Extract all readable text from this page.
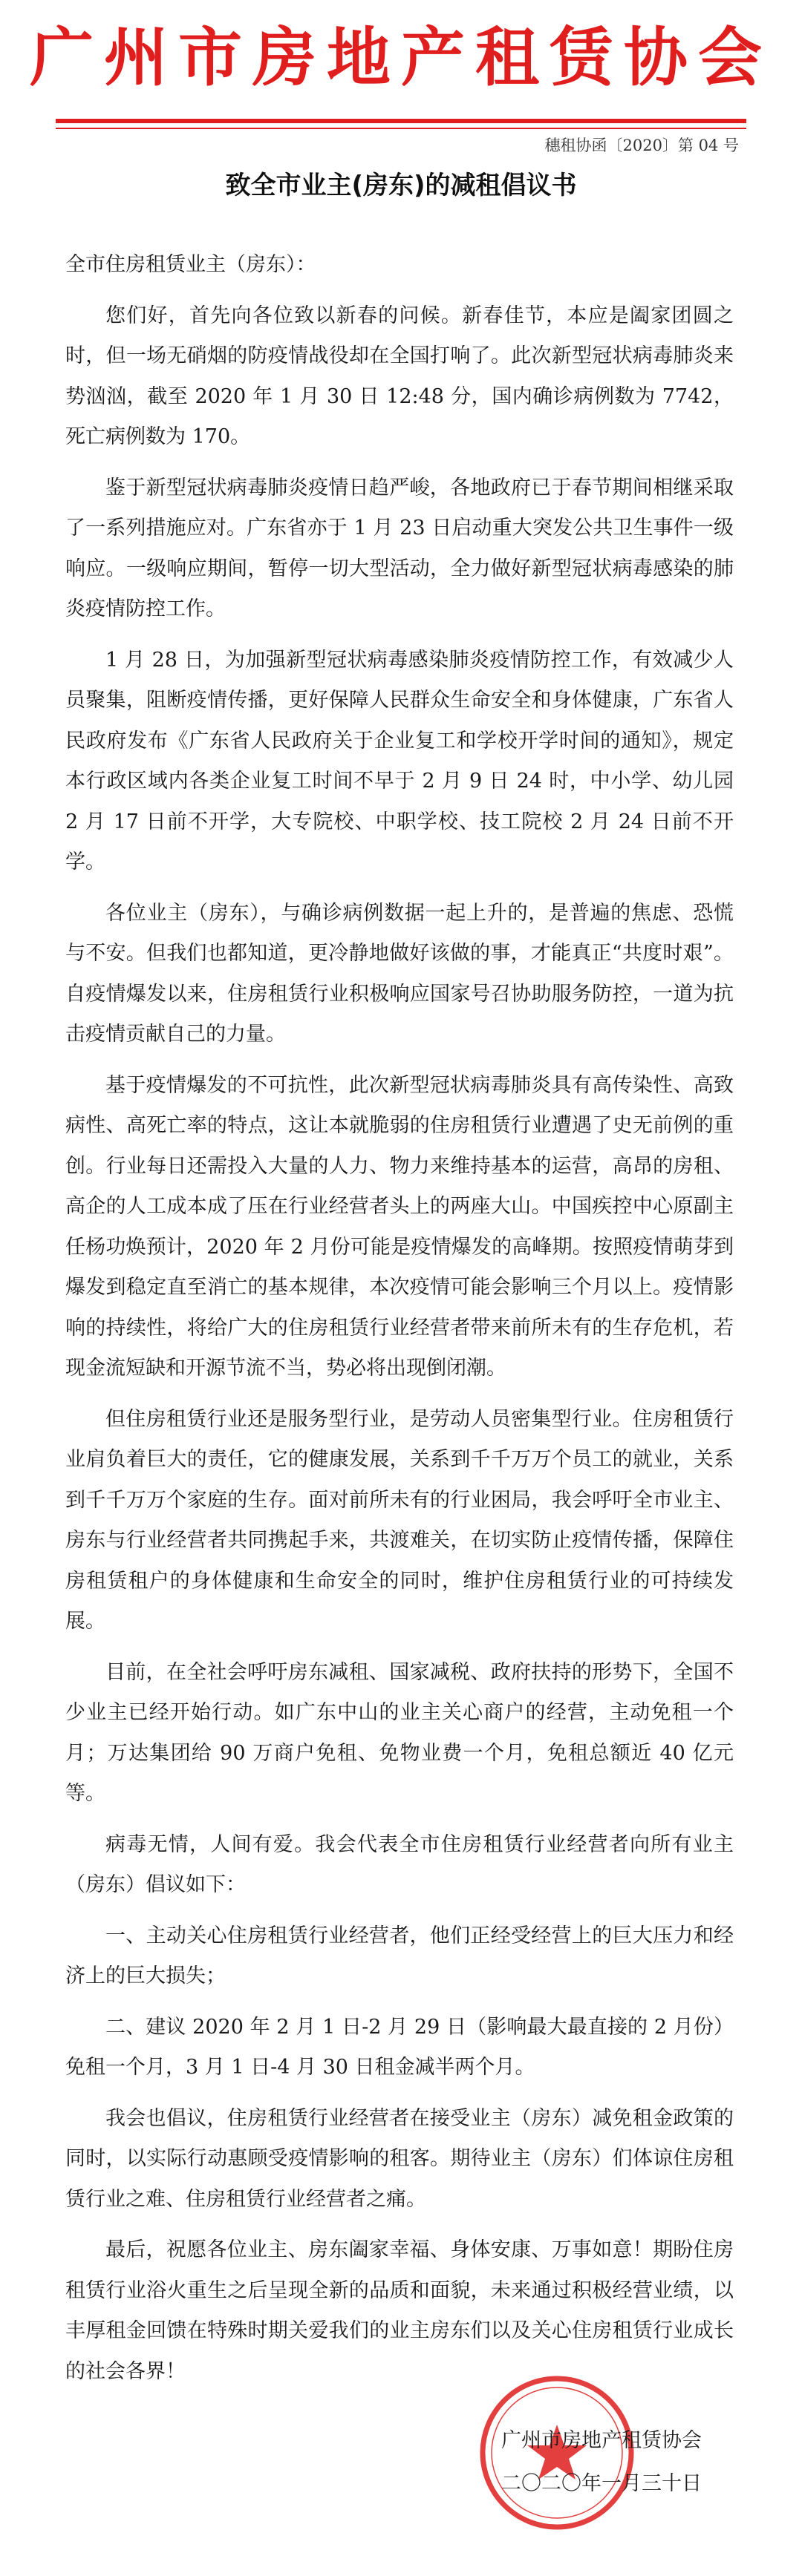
广州市房地产租赁协会
穗租协函〔2020〕第 04 号
致全市业主(房东)的减租倡议书

全市住房租赁业主（房东）：

您们好，首先向各位致以新春的问候。新春佳节，本应是阖家团圆之时，但一场无硝烟的防疫情战役却在全国打响了。此次新型冠状病毒肺炎来势汹汹，截至 2020 年 1 月 30 日 12:48 分，国内确诊病例数为 7742，死亡病例数为 170。

鉴于新型冠状病毒肺炎疫情日趋严峻，各地政府已于春节期间相继采取了一系列措施应对。广东省亦于 1 月 23 日启动重大突发公共卫生事件一级响应。一级响应期间，暂停一切大型活动，全力做好新型冠状病毒感染的肺炎疫情防控工作。

1 月 28 日，为加强新型冠状病毒感染肺炎疫情防控工作，有效减少人员聚集，阻断疫情传播，更好保障人民群众生命安全和身体健康，广东省人民政府发布《广东省人民政府关于企业复工和学校开学时间的通知》，规定本行政区域内各类企业复工时间不早于 2 月 9 日 24 时，中小学、幼儿园 2 月 17 日前不开学，大专院校、中职学校、技工院校 2 月 24 日前不开学。

各位业主（房东），与确诊病例数据一起上升的，是普遍的焦虑、恐慌与不安。但我们也都知道，更冷静地做好该做的事，才能真正“共度时艰”。自疫情爆发以来，住房租赁行业积极响应国家号召协助服务防控，一道为抗击疫情贡献自己的力量。

基于疫情爆发的不可抗性，此次新型冠状病毒肺炎具有高传染性、高致病性、高死亡率的特点，这让本就脆弱的住房租赁行业遭遇了史无前例的重创。行业每日还需投入大量的人力、物力来维持基本的运营，高昂的房租、高企的人工成本成了压在行业经营者头上的两座大山。中国疾控中心原副主任杨功焕预计，2020 年 2 月份可能是疫情爆发的高峰期。按照疫情萌芽到爆发到稳定直至消亡的基本规律，本次疫情可能会影响三个月以上。疫情影响的持续性，将给广大的住房租赁行业经营者带来前所未有的生存危机，若现金流短缺和开源节流不当，势必将出现倒闭潮。

但住房租赁行业还是服务型行业，是劳动人员密集型行业。住房租赁行业肩负着巨大的责任，它的健康发展，关系到千千万万个员工的就业，关系到千千万万个家庭的生存。面对前所未有的行业困局，我会呼吁全市业主、房东与行业经营者共同携起手来，共渡难关，在切实防止疫情传播，保障住房租赁租户的身体健康和生命安全的同时，维护住房租赁行业的可持续发展。

目前，在全社会呼吁房东减租、国家减税、政府扶持的形势下，全国不少业主已经开始行动。如广东中山的业主关心商户的经营，主动免租一个月；万达集团给 90 万商户免租、免物业费一个月，免租总额近 40 亿元等。

病毒无情，人间有爱。我会代表全市住房租赁行业经营者向所有业主（房东）倡议如下：

一、主动关心住房租赁行业经营者，他们正经受经营上的巨大压力和经济上的巨大损失；

二、建议 2020 年 2 月 1 日-2 月 29 日（影响最大最直接的 2 月份）免租一个月，3 月 1 日-4 月 30 日租金减半两个月。

我会也倡议，住房租赁行业经营者在接受业主（房东）减免租金政策的同时，以实际行动惠顾受疫情影响的租客。期待业主（房东）们体谅住房租赁行业之难、住房租赁行业经营者之痛。

最后，祝愿各位业主、房东阖家幸福、身体安康、万事如意！期盼住房租赁行业浴火重生之后呈现全新的品质和面貌，未来通过积极经营业绩，以丰厚租金回馈在特殊时期关爱我们的业主房东们以及关心住房租赁行业成长的社会各界！

广州市房地产租赁协会
二〇二〇年一月三十日
